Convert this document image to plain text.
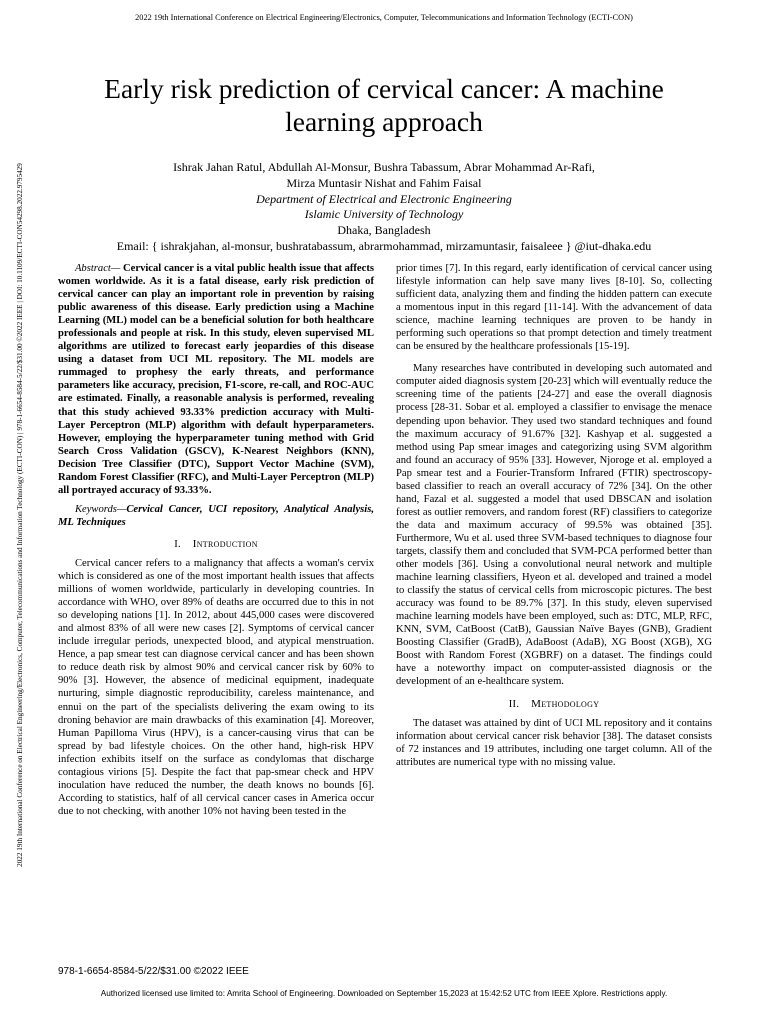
2022 19th International Conference on Electrical Engineering/Electronics, Computer, Telecommunications and Information Technology (ECTI-CON)
2022 19th International Conference on Electrical Engineering/Electronics, Computer, Telecommunications and Information Technology (ECTI-CON) | 978-1-6654-8584-5/22/$31.00 ©2022 IEEE | DOI: 10.1109/ECTI-CON54298.2022.9795429
Early risk prediction of cervical cancer: A machine
learning approach
Ishrak Jahan Ratul, Abdullah Al-Monsur, Bushra Tabassum, Abrar Mohammad Ar-Rafi,
Mirza Muntasir Nishat and Fahim Faisal
Department of Electrical and Electronic Engineering
Islamic University of Technology
Dhaka, Bangladesh
Email: { ishrakjahan, al-monsur, bushratabassum, abrarmohammad, mirzamuntasir, faisaleee } @iut-dhaka.edu

Abstract— Cervical cancer is a vital public health issue that affects women worldwide. As it is a fatal disease, early risk prediction of cervical cancer can play an important role in prevention by raising public awareness of this disease. Early prediction using a Machine Learning (ML) model can be a beneficial solution for both healthcare professionals and people at risk. In this study, eleven supervised ML algorithms are utilized to forecast early jeopardies of this disease using a dataset from UCI ML repository. The ML models are rummaged to prophesy the early threats, and performance parameters like accuracy, precision, F1-score, re-call, and ROC-AUC are estimated. Finally, a reasonable analysis is performed, revealing that this study achieved 93.33% prediction accuracy with Multi-Layer Perceptron (MLP) algorithm with default hyperparameters. However, employing the hyperparameter tuning method with Grid Search Cross Validation (GSCV), K-Nearest Neighbors (KNN), Decision Tree Classifier (DTC), Support Vector Machine (SVM), Random Forest Classifier (RFC), and Multi-Layer Perceptron (MLP) all portrayed accuracy of 93.33%.

Keywords—Cervical Cancer, UCI repository, Analytical Analysis, ML Techniques

I. Introduction

Cervical cancer refers to a malignancy that affects a woman's cervix which is considered as one of the most important health issues that affects millions of women worldwide, particularly in developing countries. In accordance with WHO, over 89% of deaths are occurred due to this in not so developing nations [1]. In 2012, about 445,000 cases were discovered and almost 83% of all were new cases [2]. Symptoms of cervical cancer include irregular periods, unexpected blood, and atypical menstruation. Hence, a pap smear test can diagnose cervical cancer and has been shown to reduce death risk by almost 90% and cervical cancer risk by 60% to 90% [3]. However, the absence of medicinal equipment, inadequate nurturing, simple diagnostic reproducibility, careless maintenance, and ennui on the part of the specialists delivering the exam owing to its droning behavior are main drawbacks of this examination [4]. Moreover, Human Papilloma Virus (HPV), is a cancer-causing virus that can be spread by bad lifestyle choices. On the other hand, high-risk HPV infection exhibits itself on the surface as condylomas that discharge contagious virions [5]. Despite the fact that pap-smear check and HPV inoculation have reduced the number, the death knows no bounds [6]. According to statistics, half of all cervical cancer cases in America occur due to not checking, with another 10% not having been tested in the

prior times [7]. In this regard, early identification of cervical cancer using lifestyle information can help save many lives [8-10]. So, collecting sufficient data, analyzing them and finding the hidden pattern can execute a momentous input in this regard [11-14]. With the advancement of data science, machine learning techniques are proven to be handy in performing such operations so that prompt detection and timely treatment can be ensured by the healthcare professionals [15-19].

Many researches have contributed in developing such automated and computer aided diagnosis system [20-23] which will eventually reduce the screening time of the patients [24-27] and ease the overall diagnosis process [28-31. Sobar et al. employed a classifier to envisage the menace depending upon behavior. They used two standard techniques and found the maximum accuracy of 91.67% [32]. Kashyap et al. suggested a method using Pap smear images and categorizing using SVM algorithm and found an accuracy of 95% [33]. However, Njoroge et al. employed a Pap smear test and a Fourier-Transform Infrared (FTIR) spectroscopy-based classifier to reach an overall accuracy of 72% [34]. On the other hand, Fazal et al. suggested a model that used DBSCAN and isolation forest as outlier removers, and random forest (RF) classifiers to categorize the data and maximum accuracy of 99.5% was obtained [35]. Furthermore, Wu et al. used three SVM-based techniques to diagnose four targets, classify them and concluded that SVM-PCA performed better than other models [36]. Using a convolutional neural network and multiple machine learning classifiers, Hyeon et al. developed and trained a model to classify the status of cervical cells from microscopic pictures. The best accuracy was found to be 89.7% [37]. In this study, eleven supervised machine learning models have been employed, such as: DTC, MLP, RFC, KNN, SVM, CatBoost (CatB), Gaussian Naïve Bayes (GNB), Gradient Boosting Classifier (GradB), AdaBoost (AdaB), XG Boost (XGB), XG Boost with Random Forest (XGBRF) on a dataset. The findings could have a noteworthy impact on computer-assisted diagnosis or the development of an e-healthcare system.

II. Methodology

The dataset was attained by dint of UCI ML repository and it contains information about cervical cancer risk behavior [38]. The dataset consists of 72 instances and 19 attributes, including one target column. All of the attributes are numerical type with no missing value.

978-1-6654-8584-5/22/$31.00 ©2022 IEEE
Authorized licensed use limited to: Amrita School of Engineering. Downloaded on September 15,2023 at 15:42:52 UTC from IEEE Xplore. Restrictions apply.
